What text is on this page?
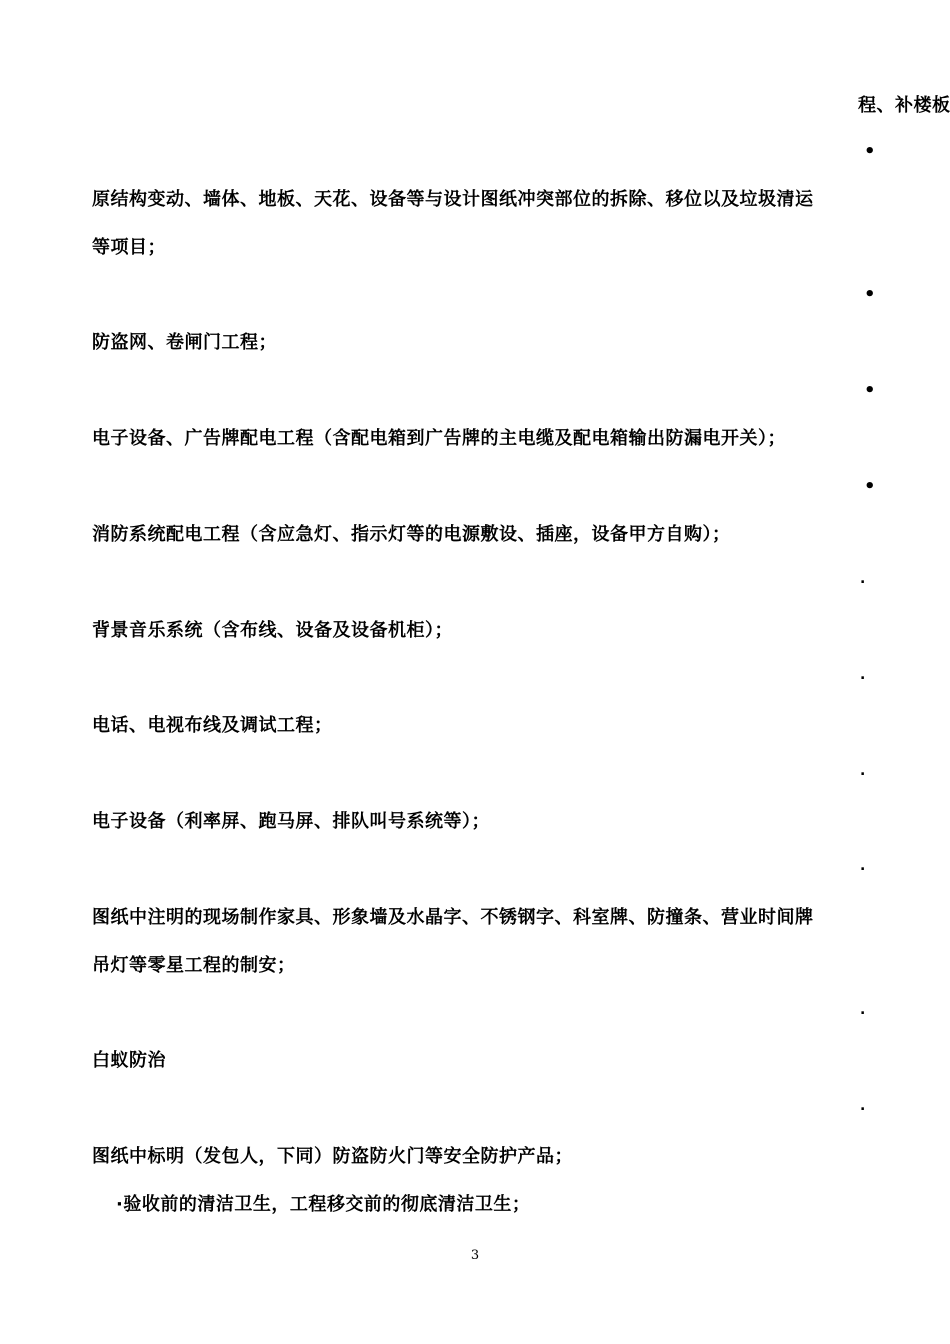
程、补楼板
•
原结构变动、墙体、地板、天花、设备等与设计图纸冲突部位的拆除、移位以及垃圾清运
等项目；
•
防盗网、卷闸门工程；
•
电子设备、广告牌配电工程（含配电箱到广告牌的主电缆及配电箱输出防漏电开关）；
•
消防系统配电工程（含应急灯、指示灯等的电源敷设、插座，设备甲方自购）；
.
背景音乐系统（含布线、设备及设备机柜）；
.
电话、电视布线及调试工程；
.
电子设备（利率屏、跑马屏、排队叫号系统等）；
.
图纸中注明的现场制作家具、形象墙及水晶字、不锈钢字、科室牌、防撞条、营业时间牌
吊灯等零星工程的制安；
.
白蚁防治
.
图纸中标明（发包人，下同）防盗防火门等安全防护产品；
·验收前的清洁卫生，工程移交前的彻底清洁卫生；
3
